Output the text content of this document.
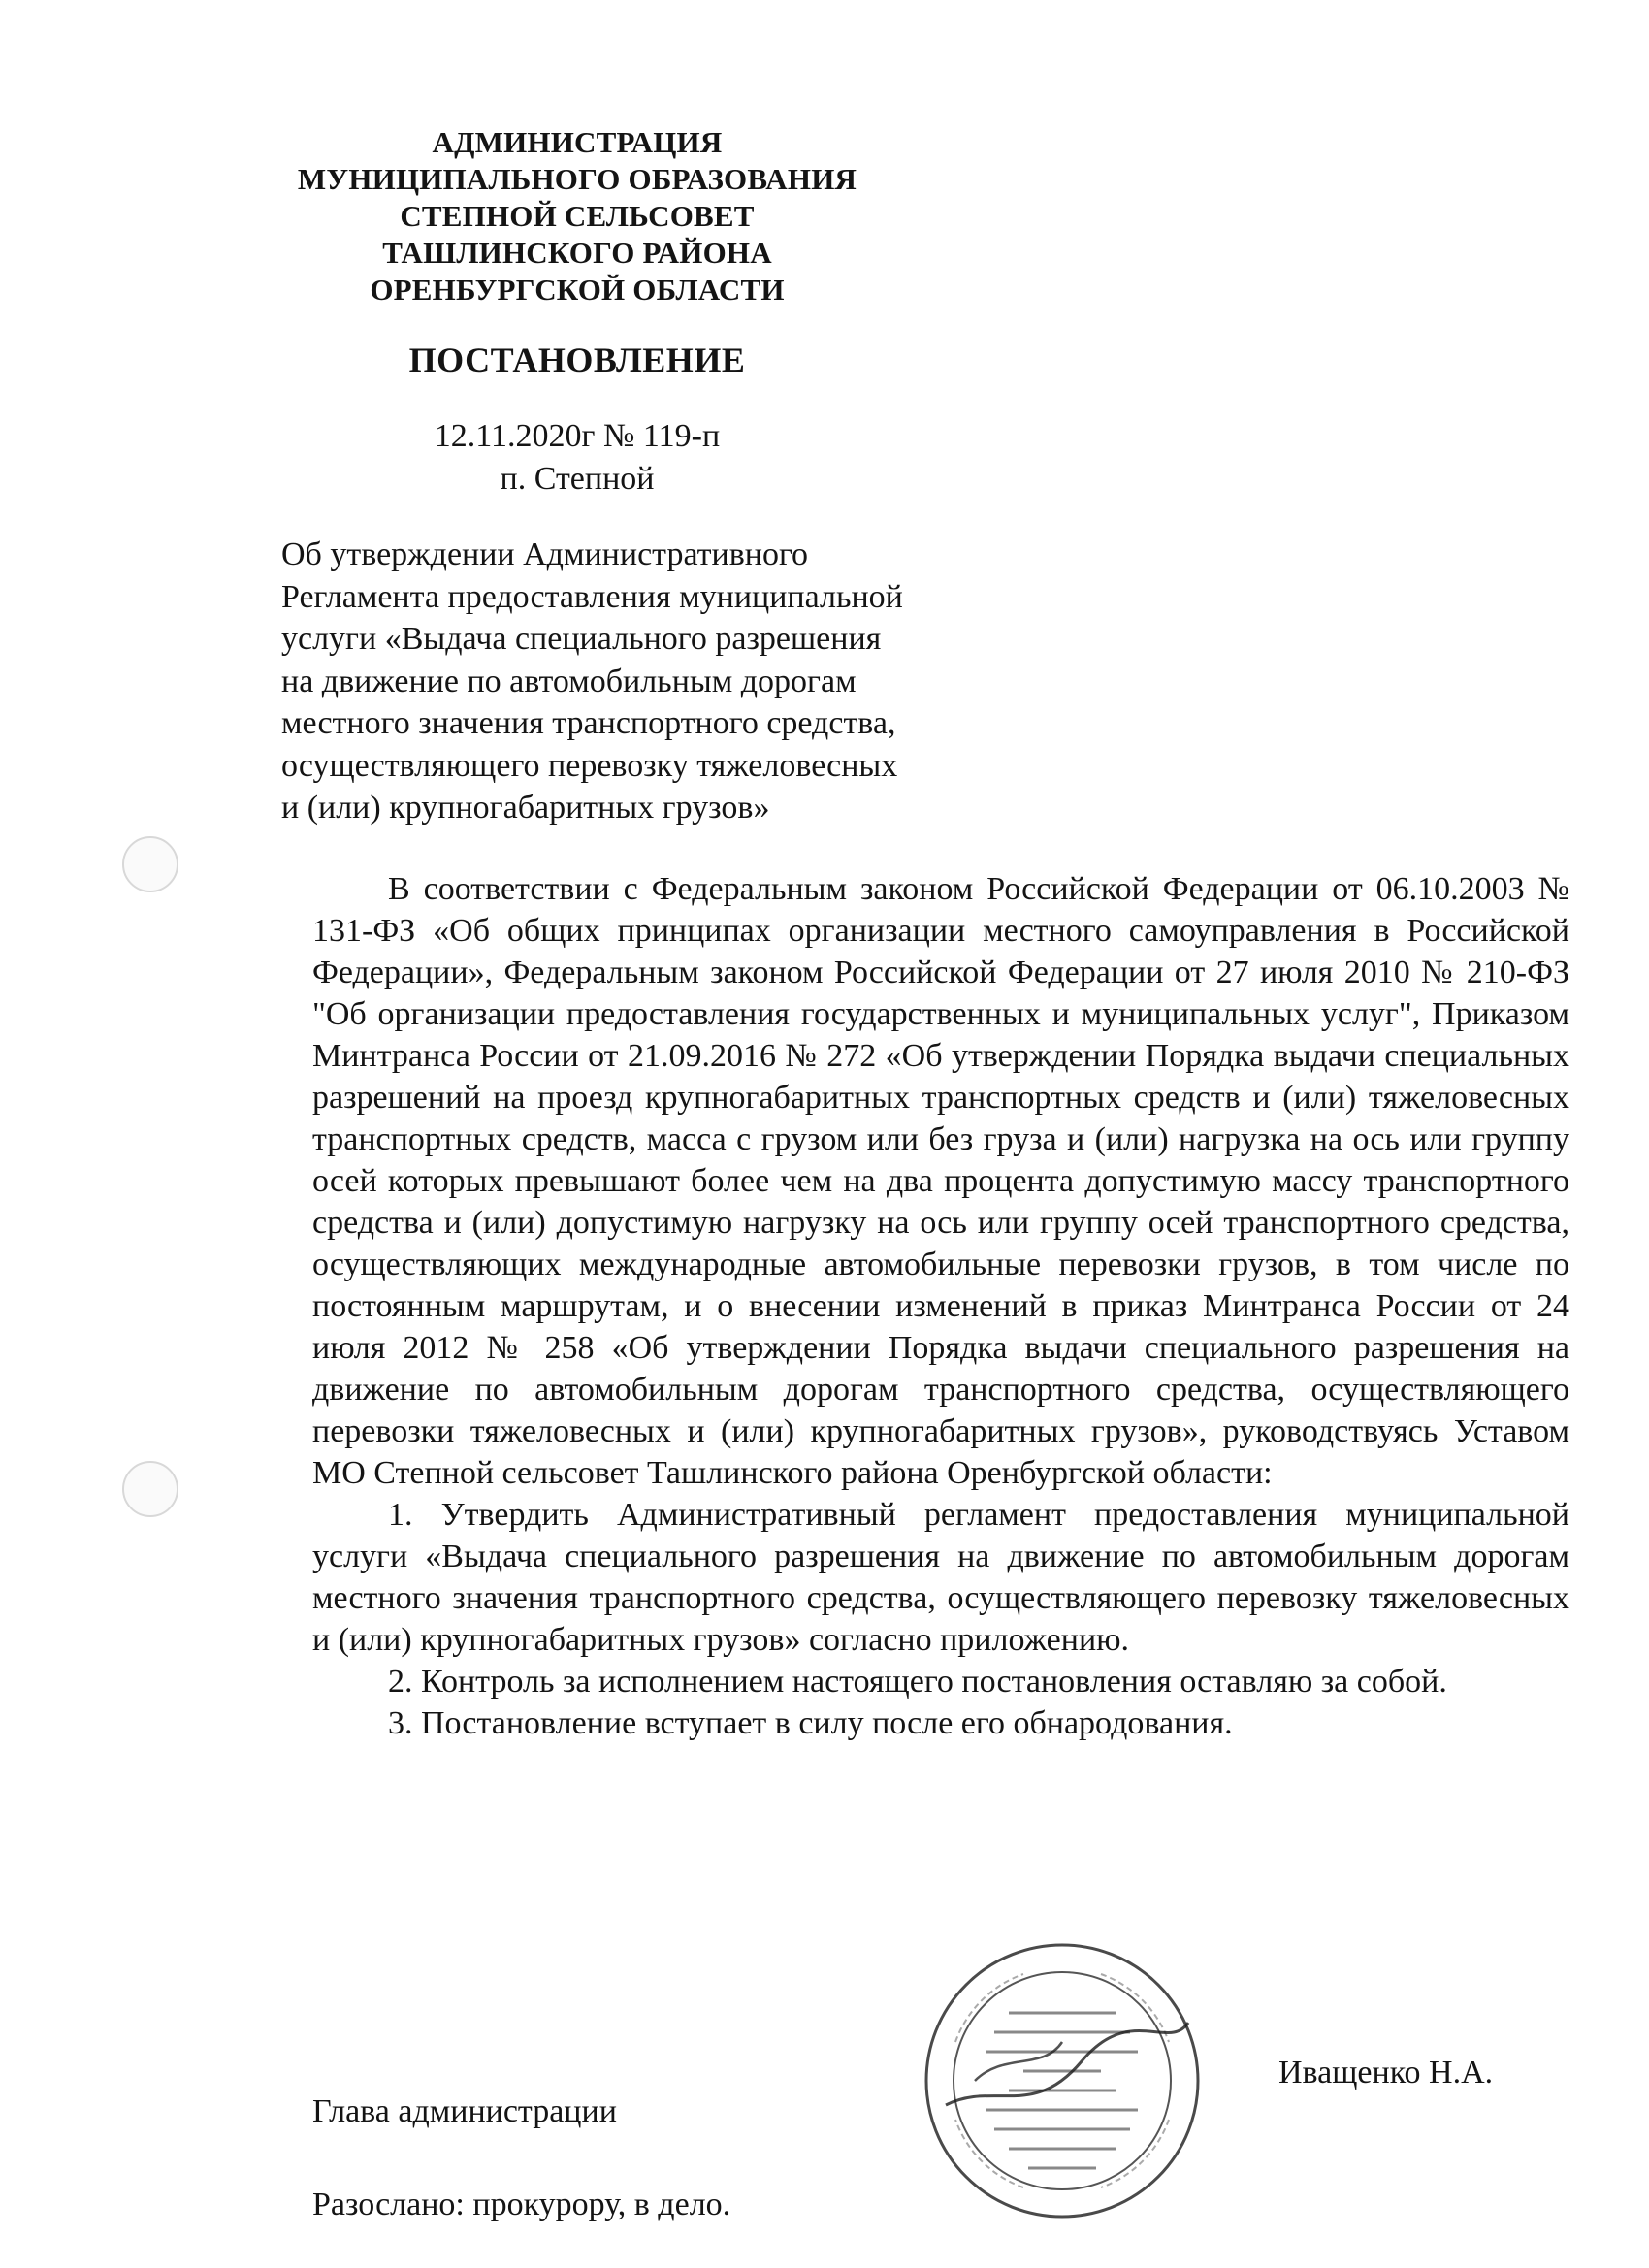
АДМИНИСТРАЦИЯ
МУНИЦИПАЛЬНОГО ОБРАЗОВАНИЯ
СТЕПНОЙ СЕЛЬСОВЕТ
ТАШЛИНСКОГО РАЙОНА
ОРЕНБУРГСКОЙ ОБЛАСТИ
ПОСТАНОВЛЕНИЕ
12.11.2020г № 119-п
п. Степной
Об утверждении Административного
Регламента предоставления муниципальной
услуги «Выдача специального разрешения
на движение по автомобильным дорогам
местного значения транспортного средства,
осуществляющего перевозку тяжеловесных
и (или) крупногабаритных грузов»

В соответствии с Федеральным законом Российской Федерации от 06.10.2003 № 131-ФЗ «Об общих принципах организации местного самоуправления в Российской Федерации», Федеральным законом Российской Федерации от 27 июля 2010 № 210-ФЗ "Об организации предоставления государственных и муниципальных услуг", Приказом Минтранса России от 21.09.2016 № 272 «Об утверждении Порядка выдачи специальных разрешений на проезд крупногабаритных транспортных средств и (или) тяжеловесных транспортных средств, масса с грузом или без груза и (или) нагрузка на ось или группу осей которых превышают более чем на два процента допустимую массу транспортного средства и (или) допустимую нагрузку на ось или группу осей транспортного средства, осуществляющих международные автомобильные перевозки грузов, в том числе по постоянным маршрутам, и о внесении изменений в приказ Минтранса России от 24 июля 2012 № 258 «Об утверждении Порядка выдачи специального разрешения на движение по автомобильным дорогам транспортного средства, осуществляющего перевозки тяжеловесных и (или) крупногабаритных грузов», руководствуясь Уставом МО Степной сельсовет Ташлинского района Оренбургской области:

1. Утвердить Административный регламент предоставления муниципальной услуги «Выдача специального разрешения на движение по автомобильным дорогам местного значения транспортного средства, осуществляющего перевозку тяжеловесных и (или) крупногабаритных грузов» согласно приложению.

2. Контроль за исполнением настоящего постановления оставляю за собой.

3. Постановление вступает в силу после его обнародования.

Глава администрации
Иващенко Н.А.
Разослано: прокурору, в дело.
